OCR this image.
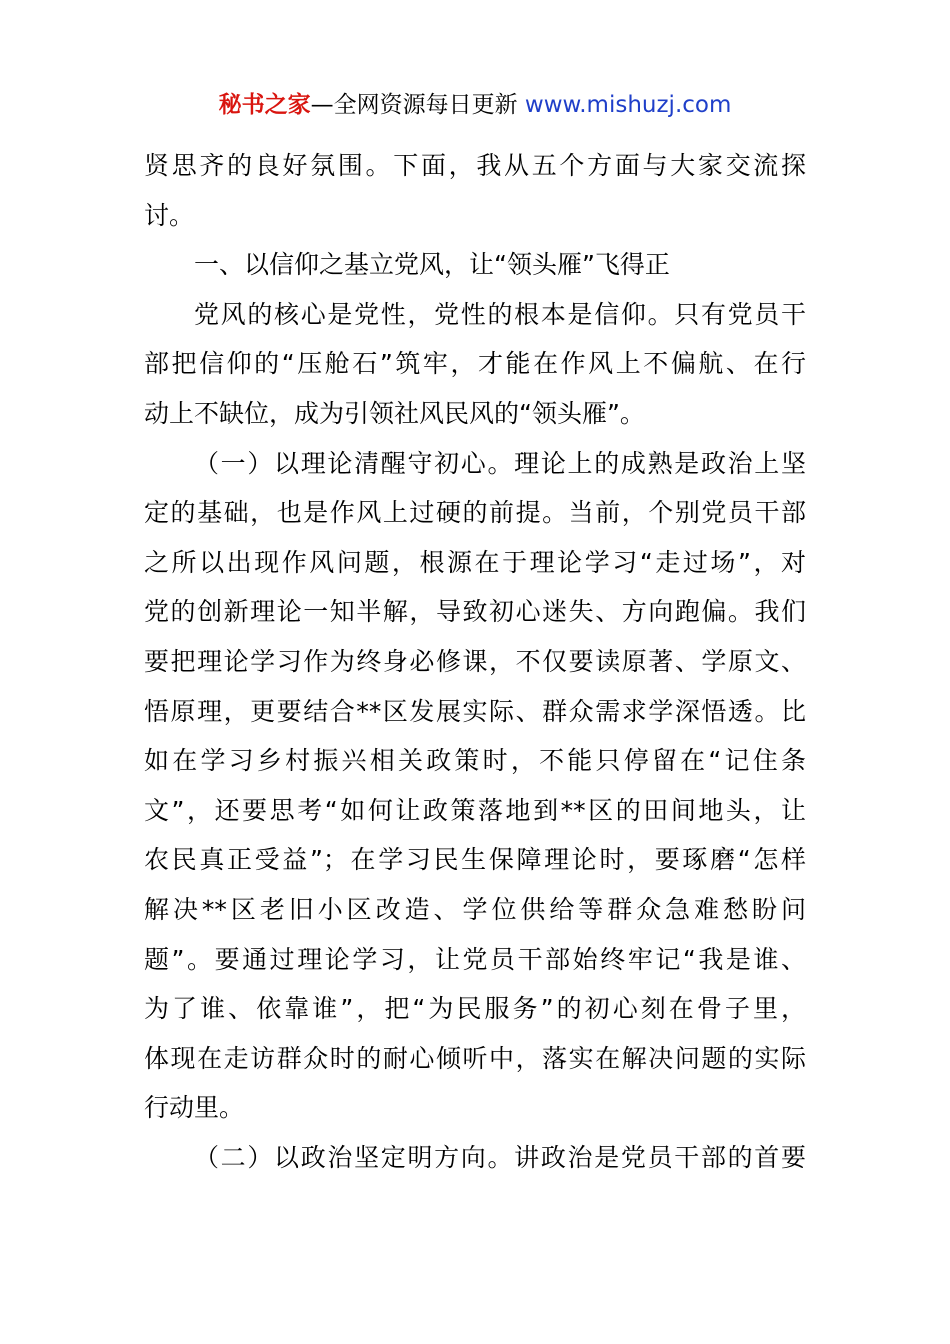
秘书之家—全网资源每日更新 www.mishuzj.com
贤思齐的良好氛围。下面，我从五个方面与大家交流探
讨。
一、以信仰之基立党风，让“领头雁”飞得正
党风的核心是党性，党性的根本是信仰。只有党员干
部把信仰的“压舱石”筑牢，才能在作风上不偏航、在行
动上不缺位，成为引领社风民风的“领头雁”。
（一）以理论清醒守初心。理论上的成熟是政治上坚
定的基础，也是作风上过硬的前提。当前，个别党员干部
之所以出现作风问题，根源在于理论学习“走过场”，对
党的创新理论一知半解，导致初心迷失、方向跑偏。我们
要把理论学习作为终身必修课，不仅要读原著、学原文、
悟原理，更要结合**区发展实际、群众需求学深悟透。比
如在学习乡村振兴相关政策时，不能只停留在“记住条
文”，还要思考“如何让政策落地到**区的田间地头，让
农民真正受益”；在学习民生保障理论时，要琢磨“怎样
解决**区老旧小区改造、学位供给等群众急难愁盼问
题”。要通过理论学习，让党员干部始终牢记“我是谁、
为了谁、依靠谁”，把“为民服务”的初心刻在骨子里，
体现在走访群众时的耐心倾听中，落实在解决问题的实际
行动里。
（二）以政治坚定明方向。讲政治是党员干部的首要
